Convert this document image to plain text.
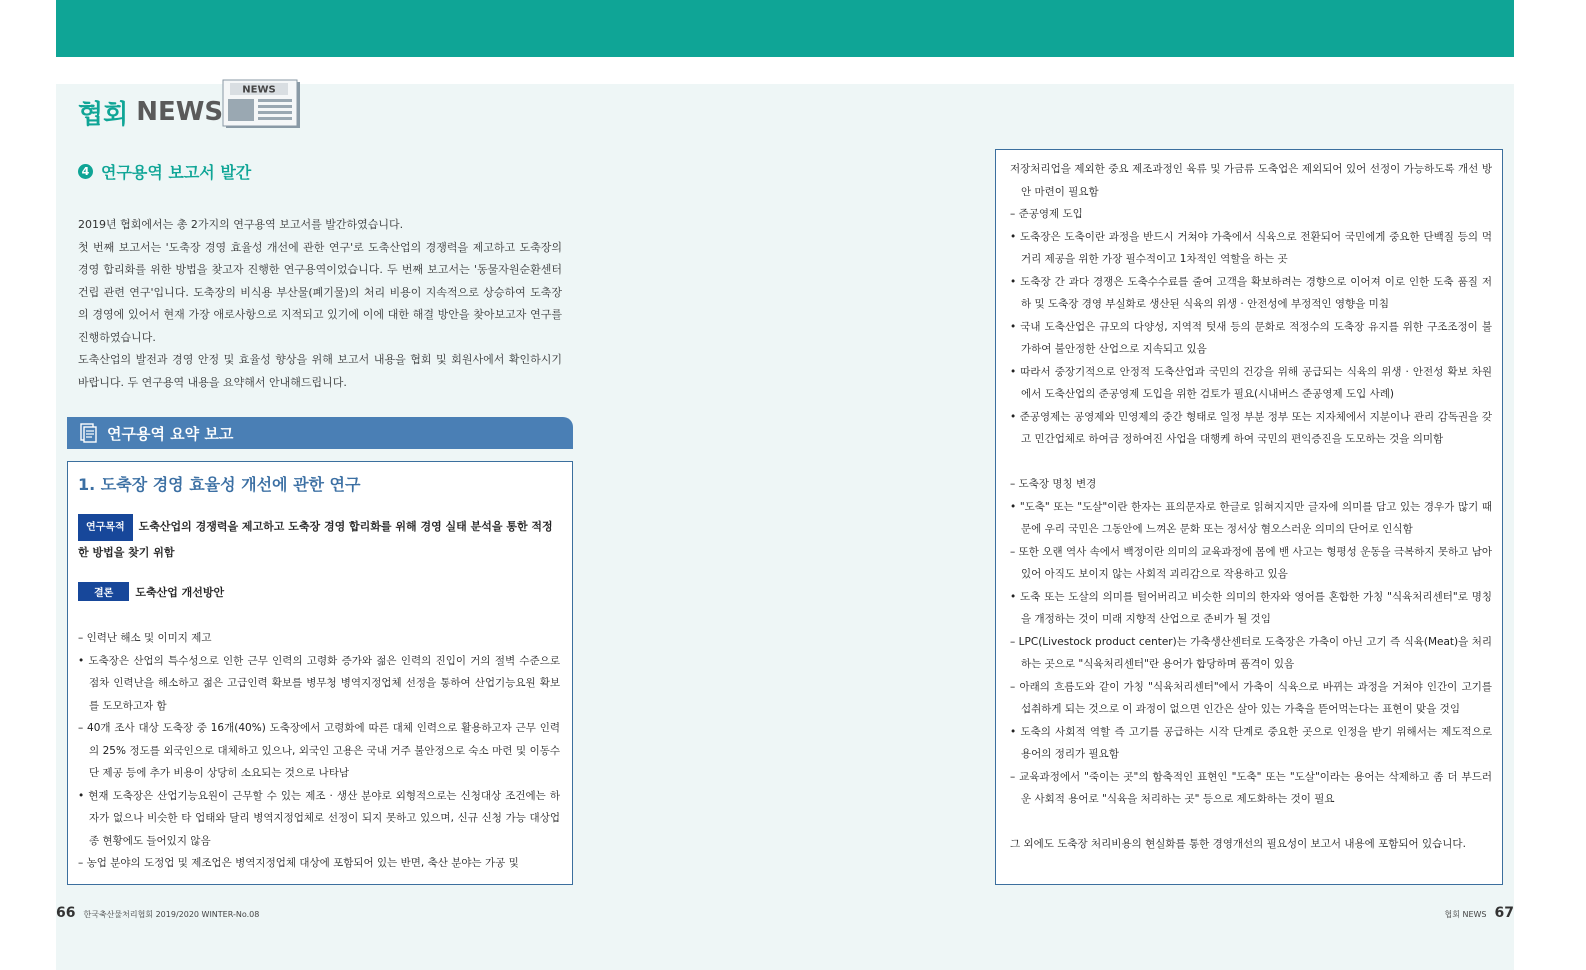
협회 NEWS
NEWS
4 연구용역 보고서 발간

2019년 협회에서는 총 2가지의 연구용역 보고서를 발간하였습니다.

첫 번째 보고서는 '도축장 경영 효율성 개선에 관한 연구'로 도축산업의 경쟁력을 제고하고 도축장의 경영 합리화를 위한 방법을 찾고자 진행한 연구용역이었습니다. 두 번째 보고서는 '동물자원순환센터 건립 관련 연구'입니다. 도축장의 비식용 부산물(폐기물)의 처리 비용이 지속적으로 상승하여 도축장의 경영에 있어서 현재 가장 애로사항으로 지적되고 있기에 이에 대한 해결 방안을 찾아보고자 연구를 진행하였습니다.

도축산업의 발전과 경영 안정 및 효율성 향상을 위해 보고서 내용을 협회 및 회원사에서 확인하시기 바랍니다. 두 연구용역 내용을 요약해서 안내해드립니다.

연구용역 요약 보고
1. 도축장 경영 효율성 개선에 관한 연구
연구목적 도축산업의 경쟁력을 제고하고 도축장 경영 합리화를 위해 경영 실태 분석을 통한 적정한 방법을 찾기 위함
결론 도축산업 개선방안

– 인력난 해소 및 이미지 제고

• 도축장은 산업의 특수성으로 인한 근무 인력의 고령화 증가와 젊은 인력의 진입이 거의 절벽 수준으로 점차 인력난을 해소하고 젊은 고급인력 확보를 병무청 병역지정업체 선정을 통하여 산업기능요원 확보를 도모하고자 함

– 40개 조사 대상 도축장 중 16개(40%) 도축장에서 고령화에 따른 대체 인력으로 활용하고자 근무 인력의 25% 정도를 외국인으로 대체하고 있으나, 외국인 고용은 국내 거주 불안정으로 숙소 마련 및 이동수단 제공 등에 추가 비용이 상당히 소요되는 것으로 나타남

• 현재 도축장은 산업기능요원이 근무할 수 있는 제조 · 생산 분야로 외형적으로는 신청대상 조건에는 하자가 없으나 비슷한 타 업태와 달리 병역지정업체로 선정이 되지 못하고 있으며, 신규 신청 가능 대상업종 현황에도 들어있지 않음

– 농업 분야의 도정업 및 제조업은 병역지정업체 대상에 포함되어 있는 반면, 축산 분야는 가공 및

저장처리업을 제외한 중요 제조과정인 육류 및 가금류 도축업은 제외되어 있어 선정이 가능하도록 개선 방안 마련이 필요함

– 준공영제 도입

• 도축장은 도축이란 과정을 반드시 거쳐야 가축에서 식육으로 전환되어 국민에게 중요한 단백질 등의 먹거리 제공을 위한 가장 필수적이고 1차적인 역할을 하는 곳

• 도축장 간 과다 경쟁은 도축수수료를 줄여 고객을 확보하려는 경향으로 이어져 이로 인한 도축 품질 저하 및 도축장 경영 부실화로 생산된 식육의 위생 · 안전성에 부정적인 영향을 미침

• 국내 도축산업은 규모의 다양성, 지역적 텃새 등의 문화로 적정수의 도축장 유지를 위한 구조조정이 불가하여 불안정한 산업으로 지속되고 있음

• 따라서 중장기적으로 안정적 도축산업과 국민의 건강을 위해 공급되는 식육의 위생 · 안전성 확보 차원에서 도축산업의 준공영제 도입을 위한 검토가 필요(시내버스 준공영제 도입 사례)

• 준공영제는 공영제와 민영제의 중간 형태로 일정 부분 정부 또는 지자체에서 지분이나 관리 감독권을 갖고 민간업체로 하여금 정하여진 사업을 대행케 하여 국민의 편익증진을 도모하는 것을 의미함

– 도축장 명칭 변경

• "도축" 또는 "도살"이란 한자는 표의문자로 한글로 읽혀지지만 글자에 의미를 담고 있는 경우가 많기 때문에 우리 국민은 그동안에 느껴온 문화 또는 정서상 혐오스러운 의미의 단어로 인식함

– 또한 오랜 역사 속에서 백정이란 의미의 교육과정에 몸에 밴 사고는 형평성 운동을 극복하지 못하고 남아있어 아직도 보이지 않는 사회적 괴리감으로 작용하고 있음

• 도축 또는 도살의 의미를 털어버리고 비슷한 의미의 한자와 영어를 혼합한 가칭 "식육처리센터"로 명칭을 개정하는 것이 미래 지향적 산업으로 준비가 될 것임

– LPC(Livestock product center)는 가축생산센터로 도축장은 가축이 아닌 고기 즉 식육(Meat)을 처리하는 곳으로 "식육처리센터"란 용어가 합당하며 품격이 있음

– 아래의 흐름도와 같이 가칭 "식육처리센터"에서 가축이 식육으로 바뀌는 과정을 거쳐야 인간이 고기를 섭취하게 되는 것으로 이 과정이 없으면 인간은 살아 있는 가축을 뜯어먹는다는 표현이 맞을 것임

• 도축의 사회적 역할 즉 고기를 공급하는 시작 단계로 중요한 곳으로 인정을 받기 위해서는 제도적으로 용어의 정리가 필요함

– 교육과정에서 "죽이는 곳"의 함축적인 표현인 "도축" 또는 "도살"이라는 용어는 삭제하고 좀 더 부드러운 사회적 용어로 "식육을 처리하는 곳" 등으로 제도화하는 것이 필요

그 외에도 도축장 처리비용의 현실화를 통한 경영개선의 필요성이 보고서 내용에 포함되어 있습니다.

66 한국축산물처리협회 2019/2020 WINTER-No.08	협회 NEWS 67
